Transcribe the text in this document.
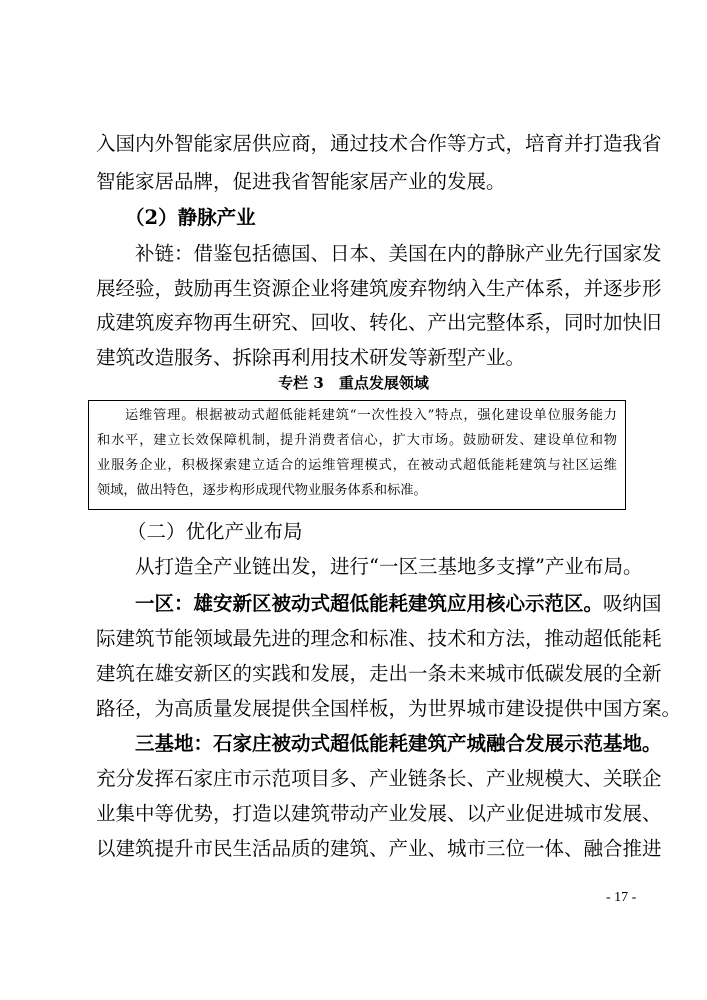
入国内外智能家居供应商，通过技术合作等方式，培育并打造我省
智能家居品牌，促进我省智能家居产业的发展。
（2）静脉产业
补链：借鉴包括德国、日本、美国在内的静脉产业先行国家发
展经验，鼓励再生资源企业将建筑废弃物纳入生产体系，并逐步形
成建筑废弃物再生研究、回收、转化、产出完整体系，同时加快旧
建筑改造服务、拆除再利用技术研发等新型产业。
专栏 3　重点发展领域
运维管理。根据被动式超低能耗建筑“一次性投入”特点，强化建设单位服务能力
和水平，建立长效保障机制，提升消费者信心，扩大市场。鼓励研发、建设单位和物
业服务企业，积极探索建立适合的运维管理模式，在被动式超低能耗建筑与社区运维
领域，做出特色，逐步构形成现代物业服务体系和标准。
（二）优化产业布局
从打造全产业链出发，进行“一区三基地多支撑”产业布局。
一区：雄安新区被动式超低能耗建筑应用核心示范区。吸纳国
际建筑节能领域最先进的理念和标准、技术和方法，推动超低能耗
建筑在雄安新区的实践和发展，走出一条未来城市低碳发展的全新
路径，为高质量发展提供全国样板，为世界城市建设提供中国方案。
三基地：石家庄被动式超低能耗建筑产城融合发展示范基地。
充分发挥石家庄市示范项目多、产业链条长、产业规模大、关联企
业集中等优势，打造以建筑带动产业发展、以产业促进城市发展、
以建筑提升市民生活品质的建筑、产业、城市三位一体、融合推进
- 17 -
